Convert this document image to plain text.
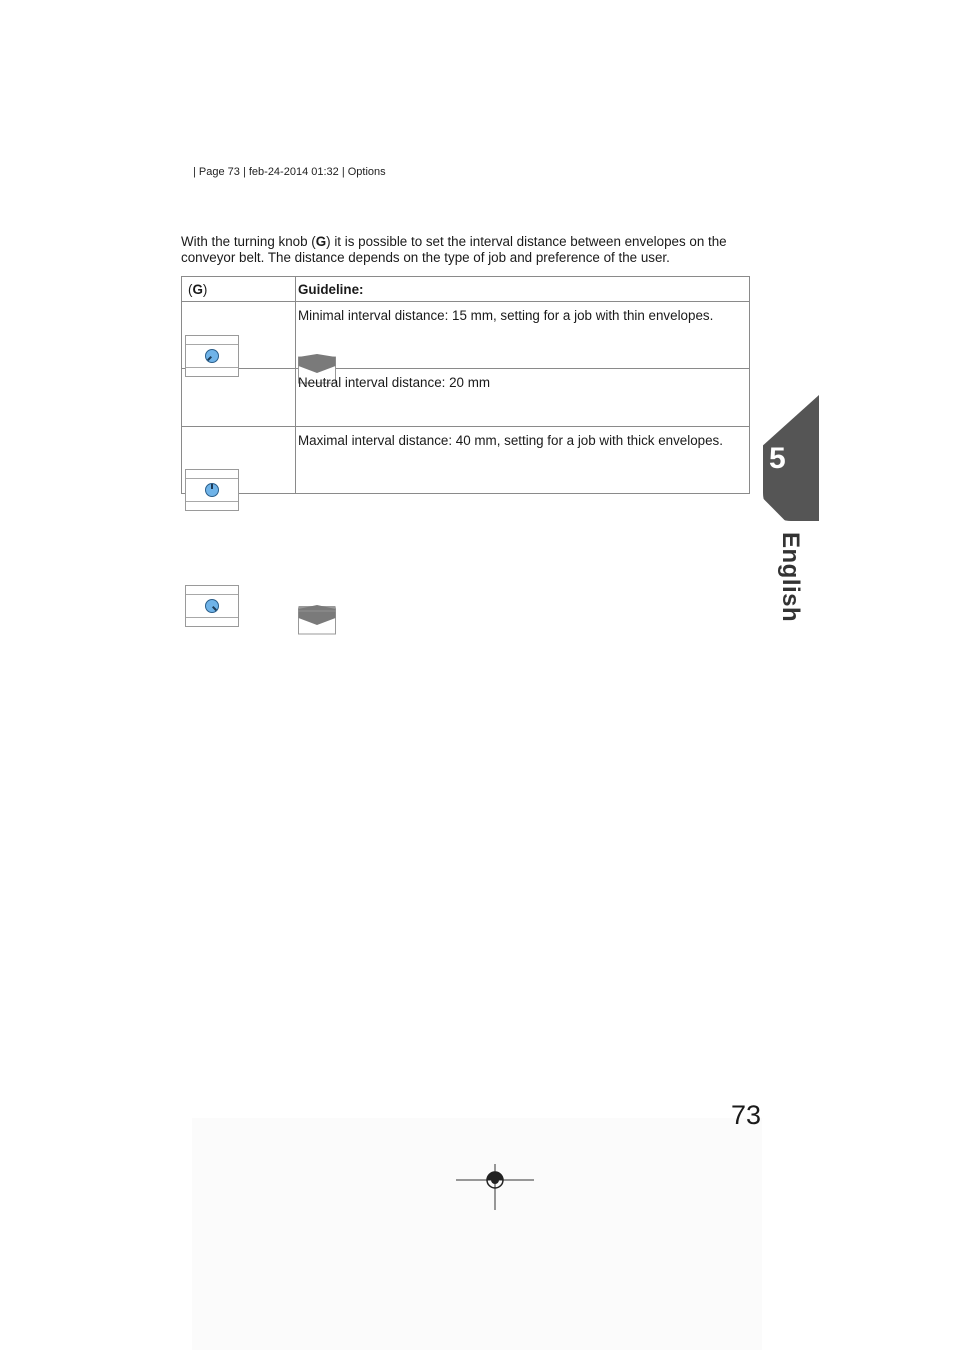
| Page 73 | feb-24-2014 01:32 | Options

With the turning knob (G) it is possible to set the interval distance between envelopes on the conveyor belt. The distance depends on the type of job and preference of the user.

(G)	Guideline:

	Minimal interval distance: 15 mm, setting for a job with thin envelopes.

	Neutral interval distance: 20 mm

	Maximal interval distance: 40 mm, setting for a job with thick envelopes.
5
English
73
